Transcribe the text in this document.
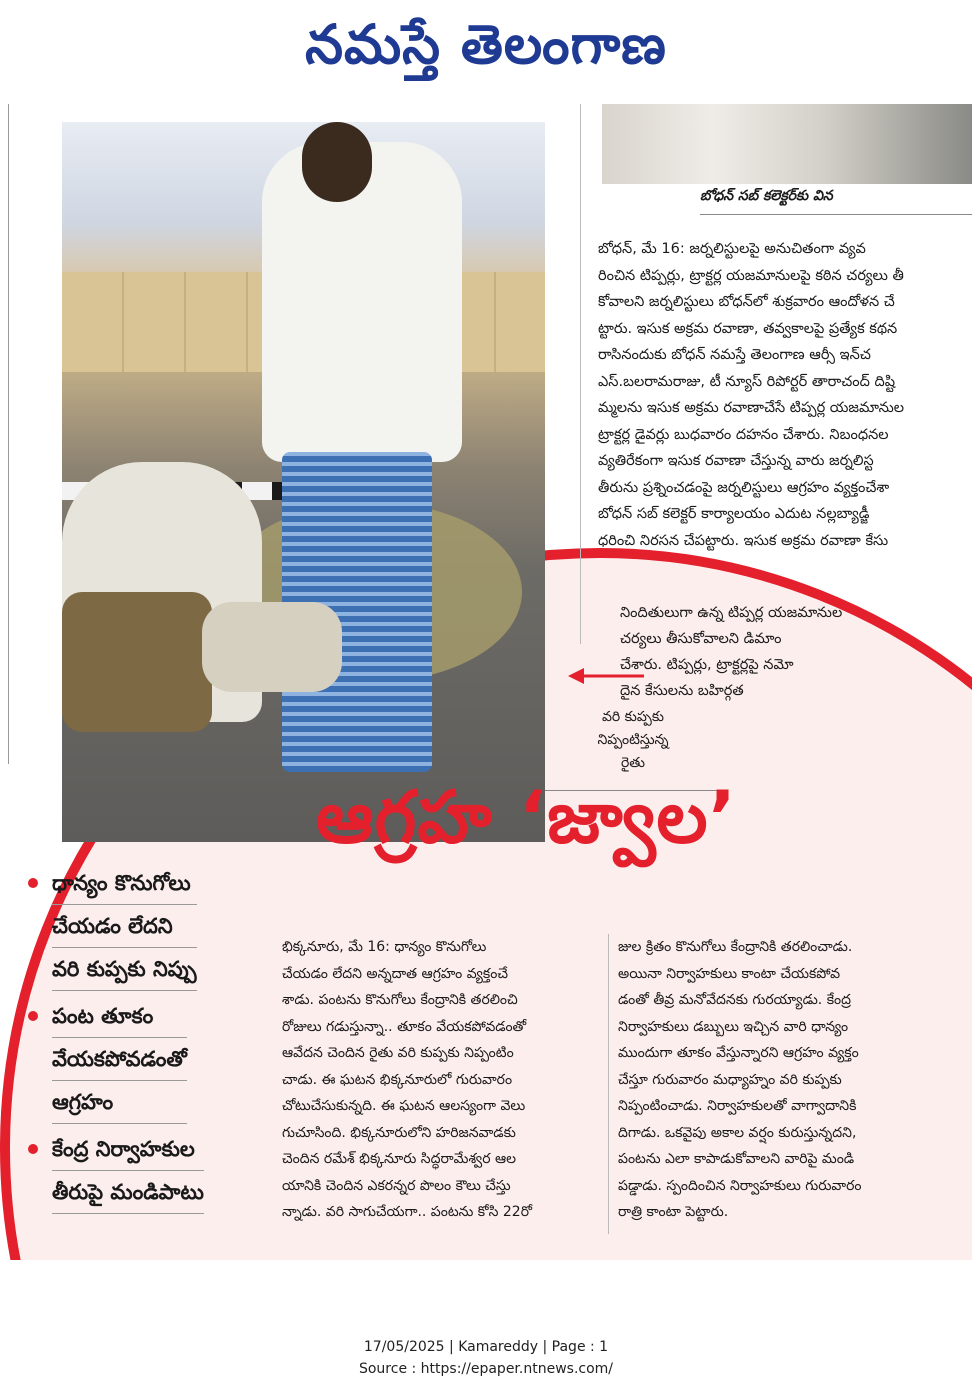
నమస్తే తెలంగాణ
బోధన్ సబ్ కలెక్టర్‌కు విన
బోధన్, మే 16: జర్నలిస్టులపై అనుచితంగా వ్యవ
రించిన టిప్పర్లు, ట్రాక్టర్ల యజమానులపై కఠిన చర్యలు తీ
కోవాలని జర్నలిస్టులు బోధన్‌లో శుక్రవారం ఆందోళన చే
ట్టారు. ఇసుక అక్రమ రవాణా, తవ్వకాలపై ప్రత్యేక కథన
రాసినందుకు బోధన్ నమస్తే తెలంగాణ ఆర్సీ ఇన్‌చ
ఎస్.బలరామరాజు, టీ న్యూస్ రిపోర్టర్ తారాచంద్ దిష్టి
మ్మలను ఇసుక అక్రమ రవాణాచేసే టిప్పర్ల యజమానుల
ట్రాక్టర్ల డైవర్లు బుధవారం దహనం చేశారు. నిబంధనల
వ్యతిరేకంగా ఇసుక రవాణా చేస్తున్న వారు జర్నలిస్ట
తీరును ప్రశ్నించడంపై జర్నలిస్టులు ఆగ్రహం వ్యక్తంచేశా
బోధన్ సబ్ కలెక్టర్ కార్యాలయం ఎదుట నల్లబ్యాడ్జీ
ధరించి నిరసన చేపట్టారు. ఇసుక అక్రమ రవాణా కేసు
వరి కుప్పకు
నిప్పంటిస్తున్న
రైతు
నిందితులుగా ఉన్న టిప్పర్ల యజమానుల
చర్యలు తీసుకోవాలని డిమాం
చేశారు. టిప్పర్లు, ట్రాక్టర్లపై నమో
దైన కేసులను బహిర్గత
ఆగ్రహ ‘జ్వాల’
ధాన్యం కొనుగోలు
చేయడం లేదని
వరి కుప్పకు నిప్పు
పంట తూకం
వేయకపోవడంతో
ఆగ్రహం
కేంద్ర నిర్వాహకుల
తీరుపై మండిపాటు
భిక్కనూరు, మే 16: ధాన్యం కొనుగోలు
చేయడం లేదని అన్నదాత ఆగ్రహం వ్యక్తంచే
శాడు. పంటను కొనుగోలు కేంద్రానికి తరలించి
రోజులు గడుస్తున్నా.. తూకం వేయకపోవడంతో
ఆవేదన చెందిన రైతు వరి కుప్పకు నిప్పంటిం
చాడు. ఈ ఘటన భిక్కనూరులో గురువారం
చోటుచేసుకున్నది. ఈ ఘటన ఆలస్యంగా వెలు
గుచూసింది. భిక్కనూరులోని హరిజనవాడకు
చెందిన రమేశ్ భిక్కనూరు సిద్ధరామేశ్వర ఆల
యానికి చెందిన ఎకరన్నర పొలం కౌలు చేస్తు
న్నాడు. వరి సాగుచేయగా.. పంటను కోసి 22రో
జుల క్రితం కొనుగోలు కేంద్రానికి తరలించాడు.
అయినా నిర్వాహకులు కాంటా చేయకపోవ
డంతో తీవ్ర మనోవేదనకు గురయ్యాడు. కేంద్ర
నిర్వాహకులు డబ్బులు ఇచ్చిన వారి ధాన్యం
ముందుగా తూకం వేస్తున్నారని ఆగ్రహం వ్యక్తం
చేస్తూ గురువారం మధ్యాహ్నం వరి కుప్పకు
నిప్పంటించాడు. నిర్వాహకులతో వాగ్వాదానికి
దిగాడు. ఒకవైపు అకాల వర్షం కురుస్తున్నదని,
పంటను ఎలా కాపాడుకోవాలని వారిపై మండి
పడ్డాడు. స్పందించిన నిర్వాహకులు గురువారం
రాత్రి కాంటా పెట్టారు.
17/05/2025 | Kamareddy | Page : 1
Source : https://epaper.ntnews.com/
